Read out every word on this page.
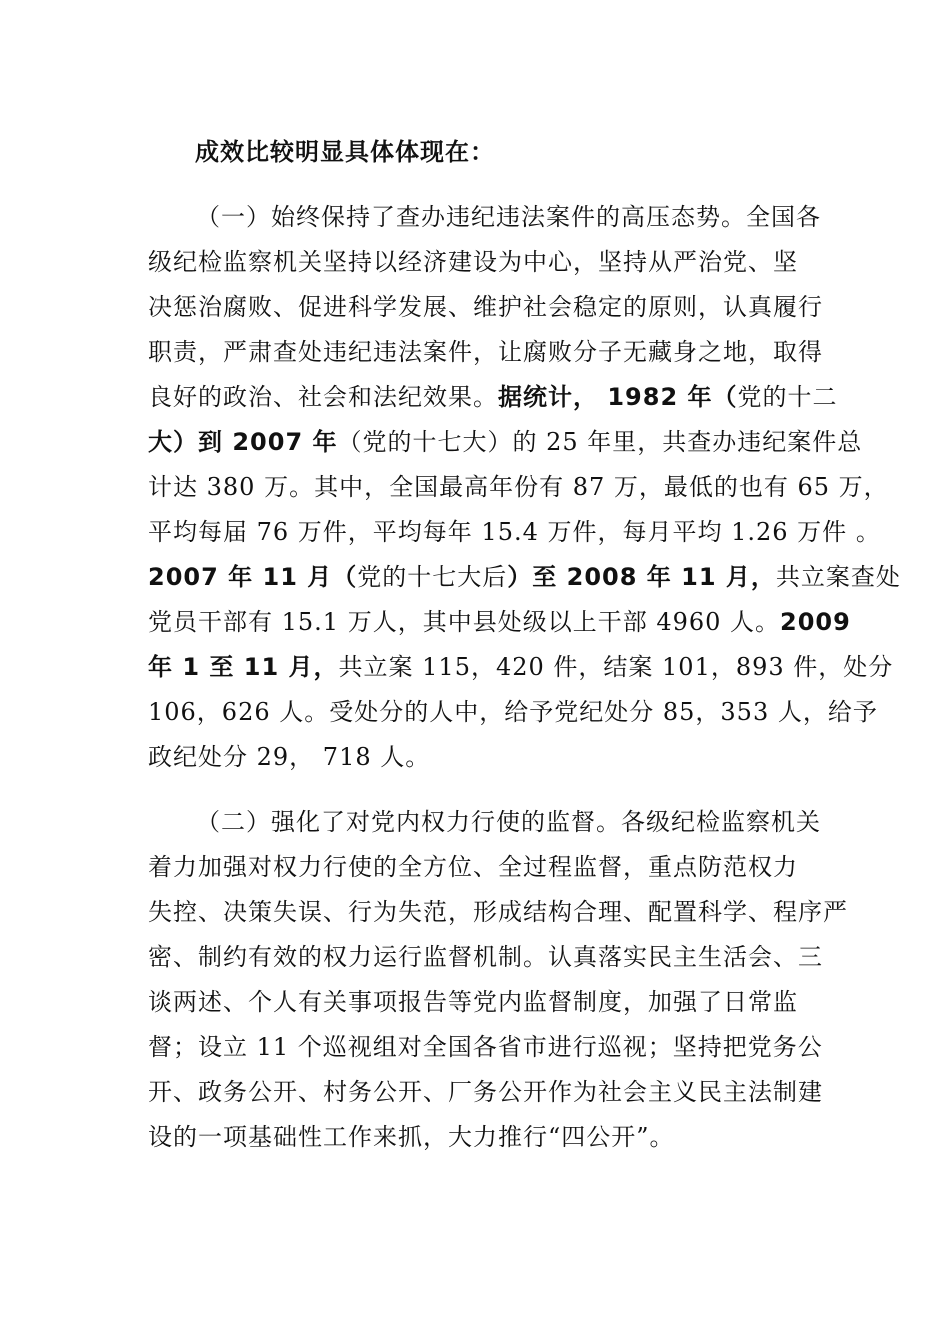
成效比较明显具体体现在：
（一）始终保持了查办违纪违法案件的高压态势。全国各
级纪检监察机关坚持以经济建设为中心，坚持从严治党、坚
决惩治腐败、促进科学发展、维护社会稳定的原则，认真履行
职责，严肃查处违纪违法案件，让腐败分子无藏身之地，取得
良好的政治、社会和法纪效果。据统计， 1982 年（党的十二
大）到 2007 年（党的十七大）的 25 年里，共查办违纪案件总
计达 380 万。其中，全国最高年份有 87 万，最低的也有 65 万，
平均每届 76 万件，平均每年 15.4 万件，每月平均 1.26 万件 。
2007 年 11 月（党的十七大后）至 2008 年 11 月，共立案查处
党员干部有 15.1 万人，其中县处级以上干部 4960 人。2009
年 1 至 11 月，共立案 115，420 件，结案 101，893 件，处分
106，626 人。受处分的人中，给予党纪处分 85，353 人，给予
政纪处分 29， 718 人。
（二）强化了对党内权力行使的监督。各级纪检监察机关
着力加强对权力行使的全方位、全过程监督，重点防范权力
失控、决策失误、行为失范，形成结构合理、配置科学、程序严
密、制约有效的权力运行监督机制。认真落实民主生活会、三
谈两述、个人有关事项报告等党内监督制度，加强了日常监
督；设立 11 个巡视组对全国各省市进行巡视；坚持把党务公
开、政务公开、村务公开、厂务公开作为社会主义民主法制建
设的一项基础性工作来抓，大力推行“四公开”。
